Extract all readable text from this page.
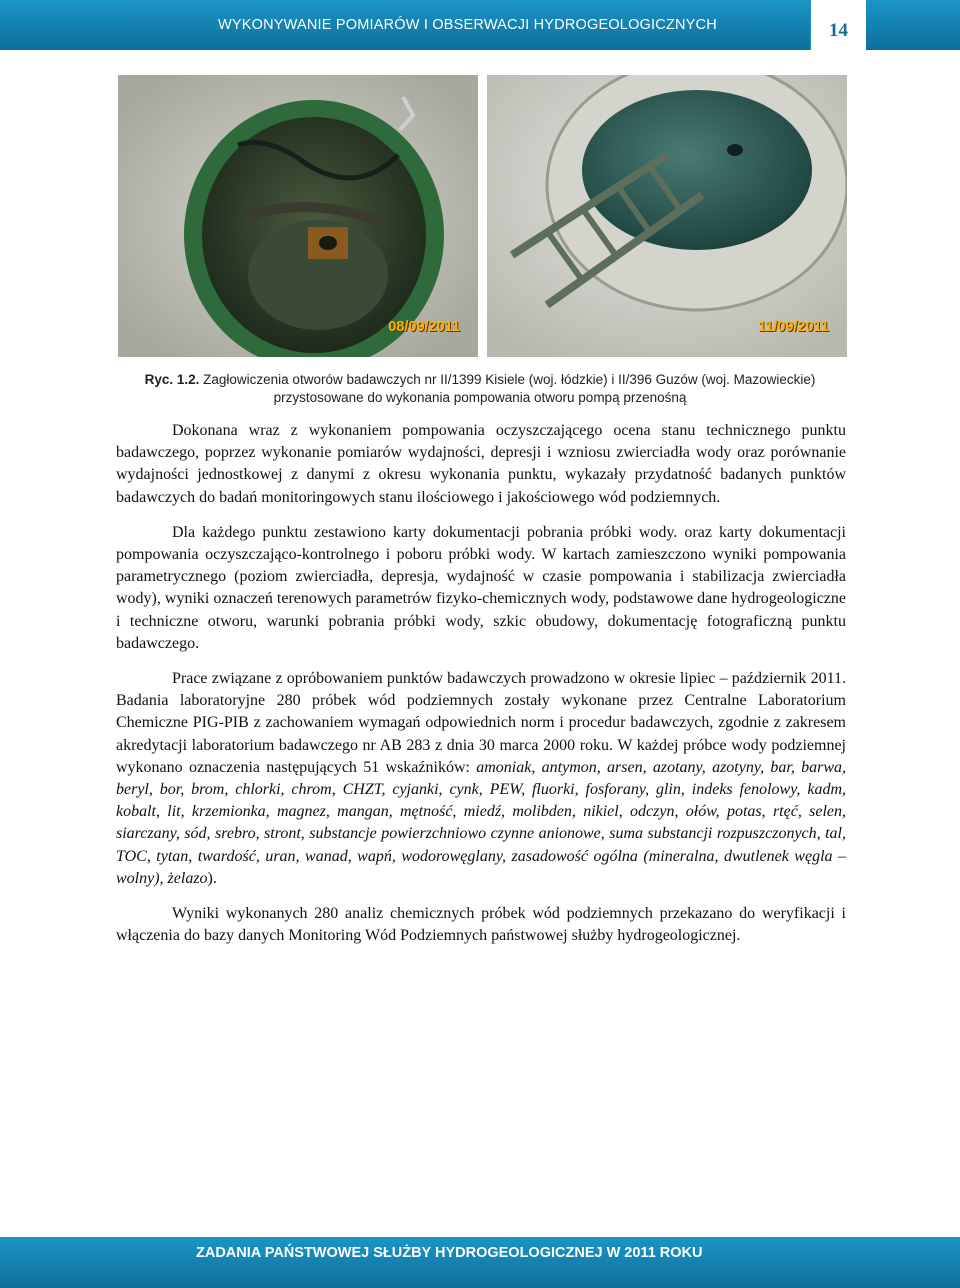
WYKONYWANIE POMIARÓW I OBSERWACJI HYDROGEOLOGICZNYCH	14
08/09/2011	11/09/2011
Ryc. 1.2. Zagłowiczenia otworów badawczych nr II/1399 Kisiele (woj. łódzkie) i II/396 Guzów (woj. Mazowieckie)
przystosowane do wykonania pompowania otworu pompą przenośną

Dokonana wraz z wykonaniem pompowania oczyszczającego ocena stanu technicznego punktu badawczego, poprzez wykonanie pomiarów wydajności, depresji i wzniosu zwierciadła wody oraz porównanie wydajności jednostkowej z danymi z okresu wykonania punktu, wykazały przydatność badanych punktów badawczych do badań monitoringowych stanu ilościowego i jakościowego wód podziemnych.

Dla każdego punktu zestawiono karty dokumentacji pobrania próbki wody. oraz karty dokumentacji pompowania oczyszczająco-kontrolnego i poboru próbki wody. W kartach zamieszczono wyniki pompowania parametrycznego (poziom zwierciadła, depresja, wydajność w czasie pompowania i stabilizacja zwierciadła wody), wyniki oznaczeń terenowych parametrów fizyko-chemicznych wody, podstawowe dane hydrogeologiczne i techniczne otworu, warunki pobrania próbki wody, szkic obudowy, dokumentację fotograficzną punktu badawczego.

Prace związane z opróbowaniem punktów badawczych prowadzono w okresie lipiec – październik 2011. Badania laboratoryjne 280 próbek wód podziemnych zostały wykonane przez Centralne Laboratorium Chemiczne PIG-PIB z zachowaniem wymagań odpowiednich norm i procedur badawczych, zgodnie z zakresem akredytacji laboratorium badawczego nr AB 283 z dnia 30 marca 2000 roku. W każdej próbce wody podziemnej wykonano oznaczenia następujących 51 wskaźników: amoniak, antymon, arsen, azotany, azotyny, bar, barwa, beryl, bor, brom, chlorki, chrom, CHZT, cyjanki, cynk, PEW, fluorki, fosforany, glin, indeks fenolowy, kadm, kobalt, lit, krzemionka, magnez, mangan, mętność, miedź, molibden, nikiel, odczyn, ołów, potas, rtęć, selen, siarczany, sód, srebro, stront, substancje powierzchniowo czynne anionowe, suma substancji rozpuszczonych, tal, TOC, tytan, twardość, uran, wanad, wapń, wodorowęglany, zasadowość ogólna (mineralna, dwutlenek węgla – wolny), żelazo).

Wyniki wykonanych 280 analiz chemicznych próbek wód podziemnych przekazano do weryfikacji i włączenia do bazy danych Monitoring Wód Podziemnych państwowej służby hydrogeologicznej.

ZADANIA PAŃSTWOWEJ SŁUŻBY HYDROGEOLOGICZNEJ W 2011 ROKU
